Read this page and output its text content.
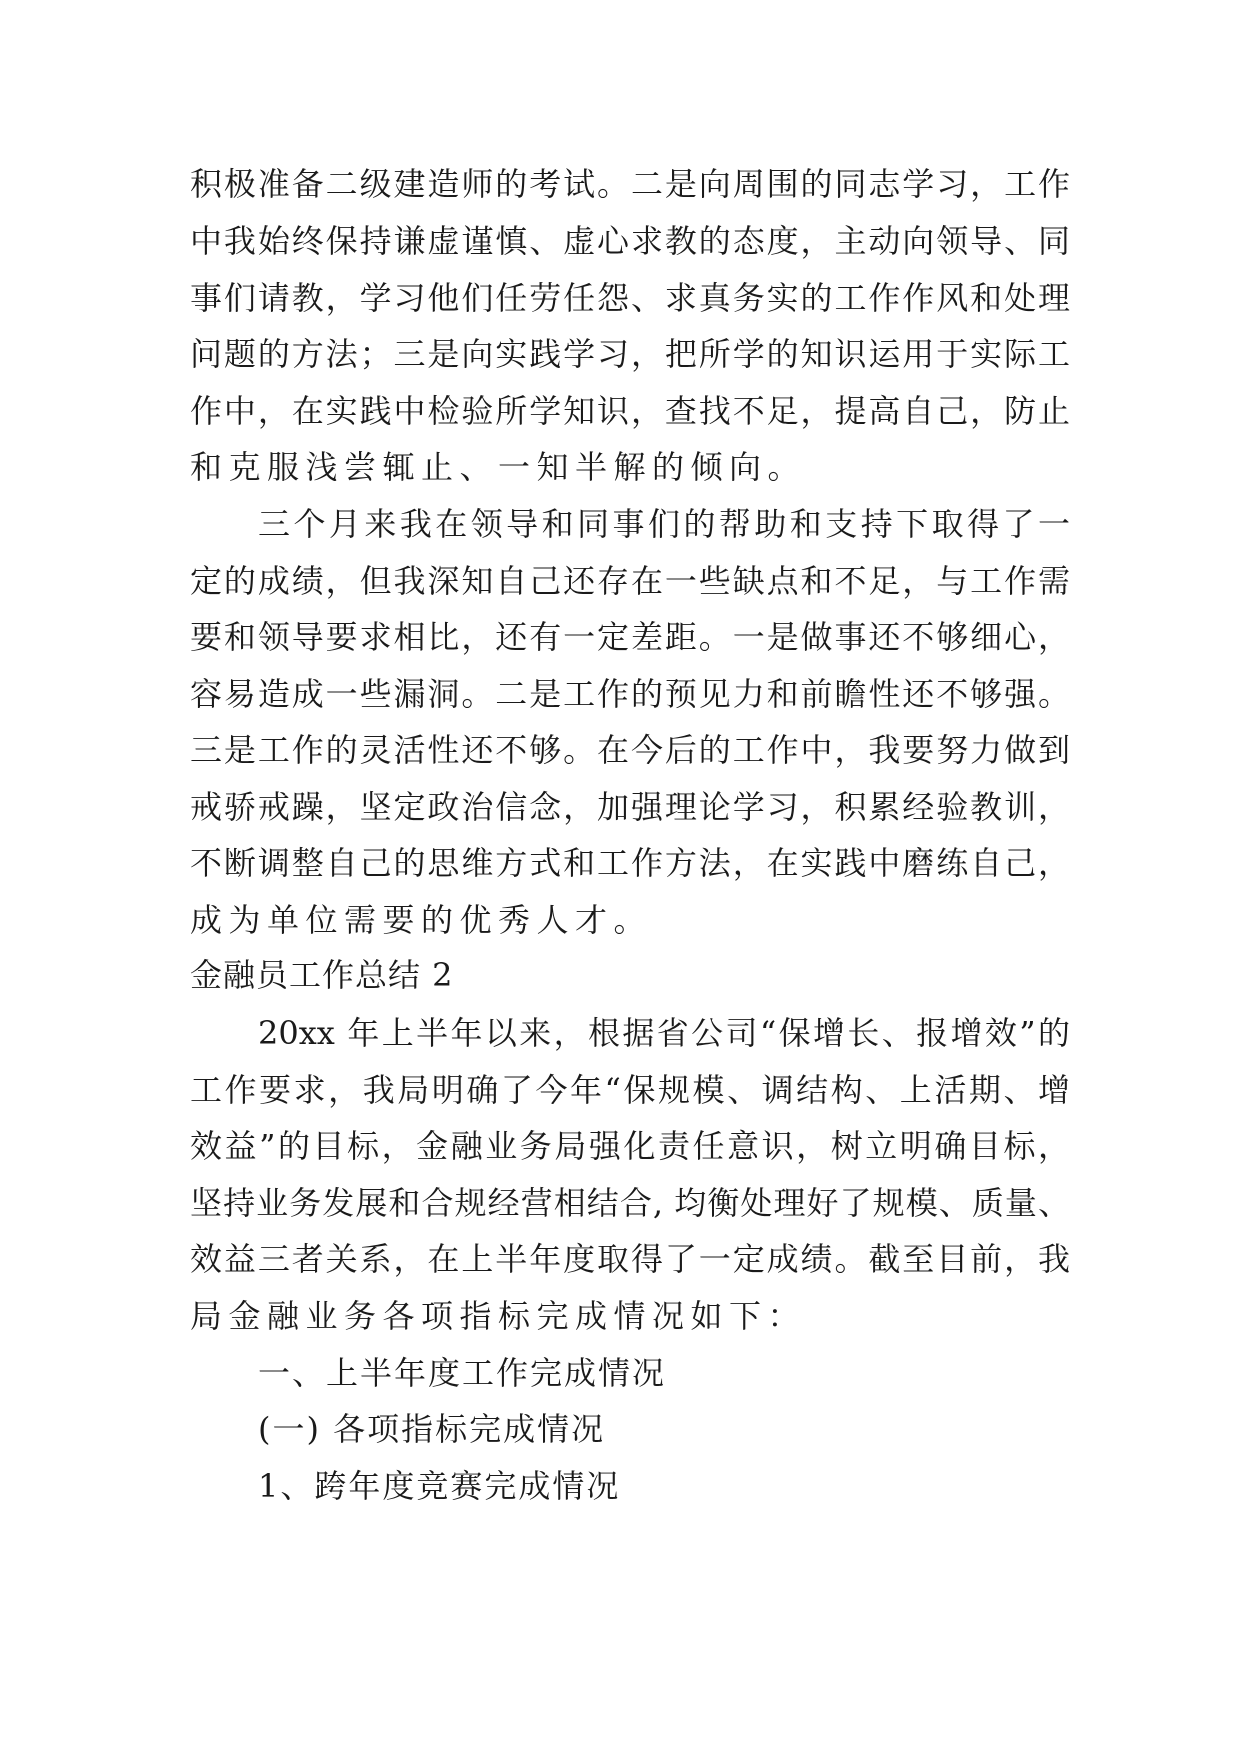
积极准备二级建造师的考试。二是向周围的同志学习，工作
中我始终保持谦虚谨慎、虚心求教的态度，主动向领导、同
事们请教，学习他们任劳任怨、求真务实的工作作风和处理
问题的方法；三是向实践学习，把所学的知识运用于实际工
作中，在实践中检验所学知识，查找不足，提高自己，防止
和克服浅尝辄止、一知半解的倾向。
三个月来我在领导和同事们的帮助和支持下取得了一
定的成绩，但我深知自己还存在一些缺点和不足，与工作需
要和领导要求相比，还有一定差距。一是做事还不够细心，
容易造成一些漏洞。二是工作的预见力和前瞻性还不够强。
三是工作的灵活性还不够。在今后的工作中，我要努力做到
戒骄戒躁，坚定政治信念，加强理论学习，积累经验教训，
不断调整自己的思维方式和工作方法，在实践中磨练自己，
成为单位需要的优秀人才。
金融员工作总结 2
20xx 年上半年以来，根据省公司“保增长、报增效”的
工作要求，我局明确了今年“保规模、调结构、上活期、增
效益”的目标，金融业务局强化责任意识，树立明确目标，
坚持业务发展和合规经营相结合, 均衡处理好了规模、质量、
效益三者关系，在上半年度取得了一定成绩。截至目前，我
局金融业务各项指标完成情况如下：
一、上半年度工作完成情况
(一) 各项指标完成情况
1、跨年度竞赛完成情况
